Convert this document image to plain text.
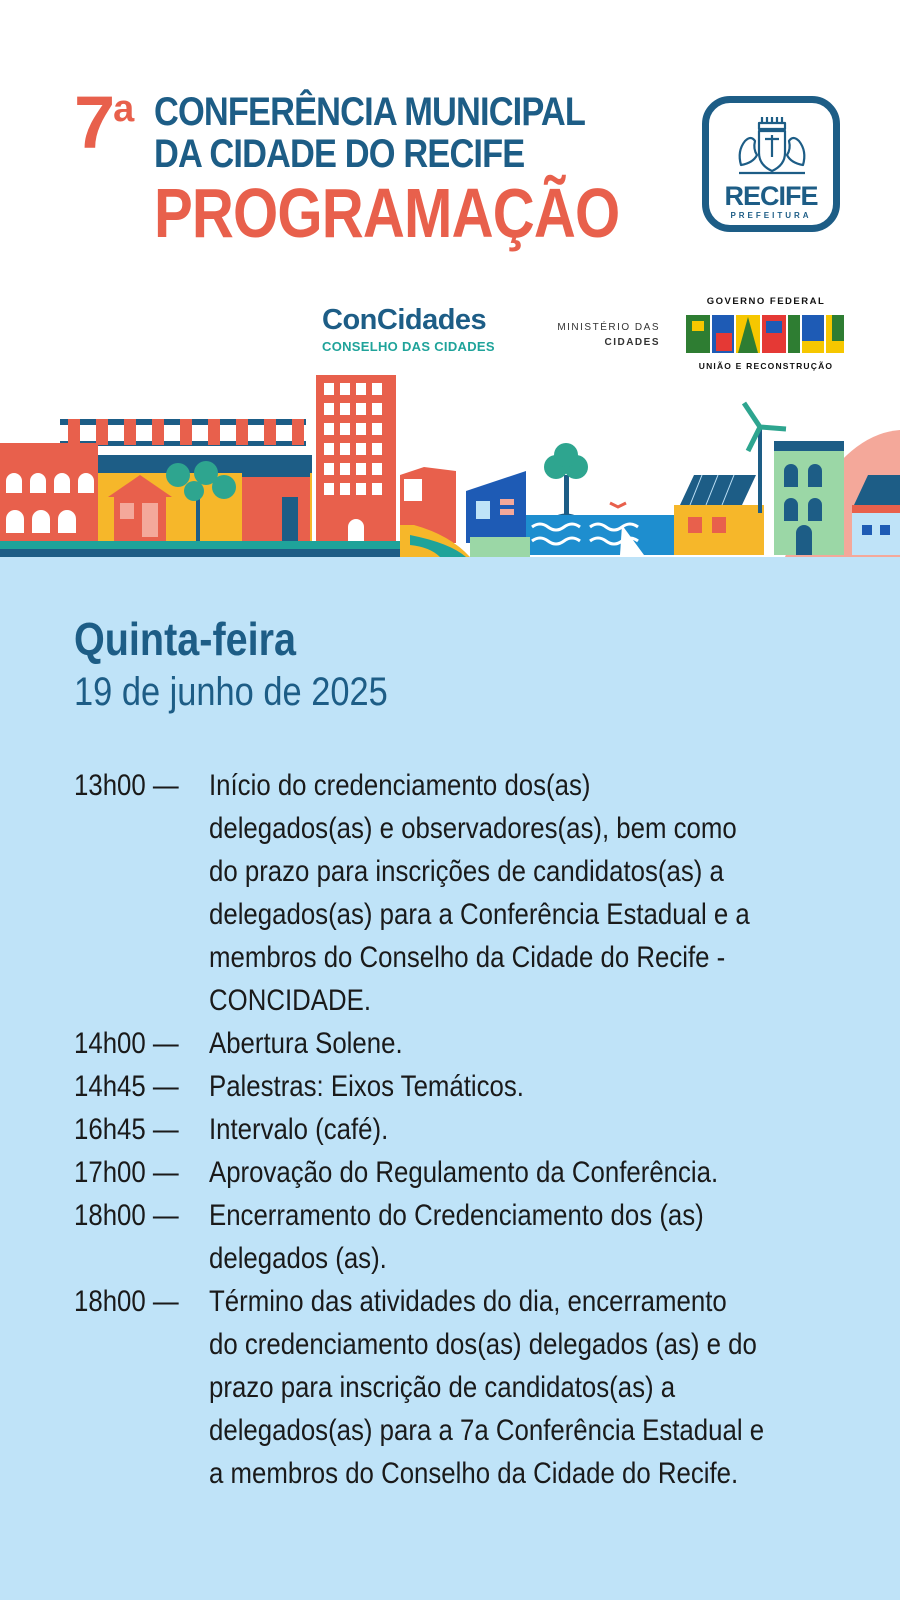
7$^a$ CONFERÊNCIA MUNICIPAL
DA CIDADE DO RECIFE
PROGRAMAÇÃO	RECIFE
PREFEITURA
ConCidades
CONSELHO DAS CIDADES
MINISTÉRIO DAS
CIDADES
GOVERNO FEDERAL
UNIÃO E RECONSTRUÇÃO
Quinta-feira
19 de junho de 2025
13h00 — Início do credenciamento dos(as)
delegados(as) e observadores(as), bem como
do prazo para inscrições de candidatos(as) a
delegados(as) para a Conferência Estadual e a
membros do Conselho da Cidade do Recife -
CONCIDADE.
14h00 — Abertura Solene.
14h45 — Palestras: Eixos Temáticos.
16h45 — Intervalo (café).
17h00 — Aprovação do Regulamento da Conferência.
18h00 — Encerramento do Credenciamento dos (as)
delegados (as).
18h00 — Término das atividades do dia, encerramento
do credenciamento dos(as) delegados (as) e do
prazo para inscrição de candidatos(as) a
delegados(as) para a 7a Conferência Estadual e
a membros do Conselho da Cidade do Recife.
